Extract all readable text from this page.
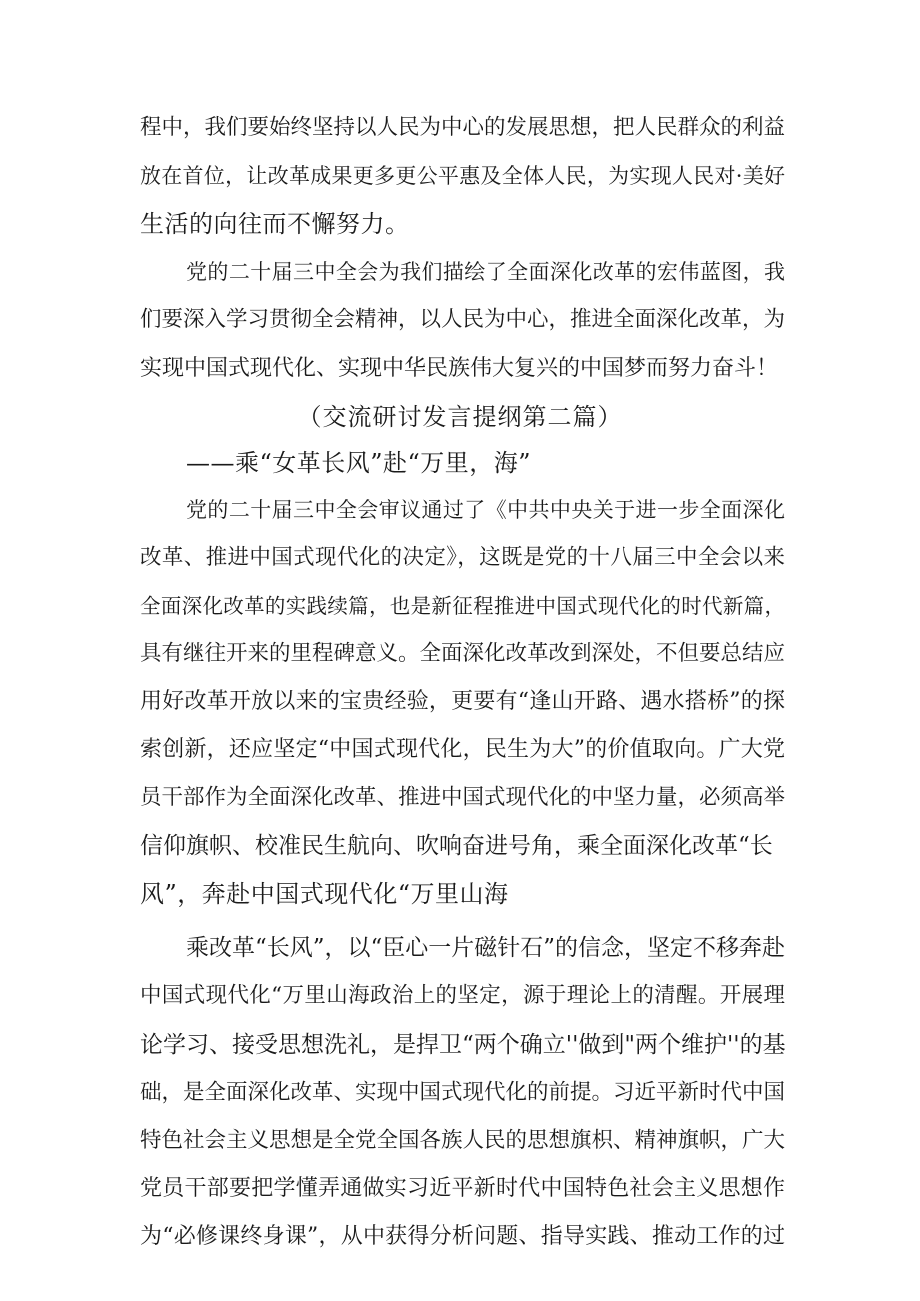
程中，我们要始终坚持以人民为中心的发展思想，把人民群众的利益
放在首位，让改革成果更多更公平惠及全体人民，为实现人民对·美好
生活的向往而不懈努力。
党的二十届三中全会为我们描绘了全面深化改革的宏伟蓝图，我
们要深入学习贯彻全会精神，以人民为中心，推进全面深化改革，为
实现中国式现代化、实现中华民族伟大复兴的中国梦而努力奋斗！
（交流研讨发言提纲第二篇）
——乘“女革长风”赴“万里，海”
党的二十届三中全会审议通过了《中共中央关于进一步全面深化
改革、推进中国式现代化的决定》，这既是党的十八届三中全会以来
全面深化改革的实践续篇，也是新征程推进中国式现代化的时代新篇，
具有继往开来的里程碑意义。全面深化改革改到深处，不但要总结应
用好改革开放以来的宝贵经验，更要有“逢山开路、遇水搭桥”的探
索创新，还应坚定“中国式现代化，民生为大”的价值取向。广大党
员干部作为全面深化改革、推进中国式现代化的中坚力量，必须高举
信仰旗帜、校准民生航向、吹响奋进号角，乘全面深化改革“长
风”，奔赴中国式现代化“万里山海
乘改革“长风”，以“臣心一片磁针石”的信念，坚定不移奔赴
中国式现代化“万里山海政治上的坚定，源于理论上的清醒。开展理
论学习、接受思想洗礼，是捍卫“两个确立''做到"两个维护''的基
础，是全面深化改革、实现中国式现代化的前提。习近平新时代中国
特色社会主义思想是全党全国各族人民的思想旗枳、精神旗帜，广大
党员干部要把学懂弄通做实习近平新时代中国特色社会主义思想作
为“必修课终身课”，从中获得分析问题、指导实践、推动工作的过
